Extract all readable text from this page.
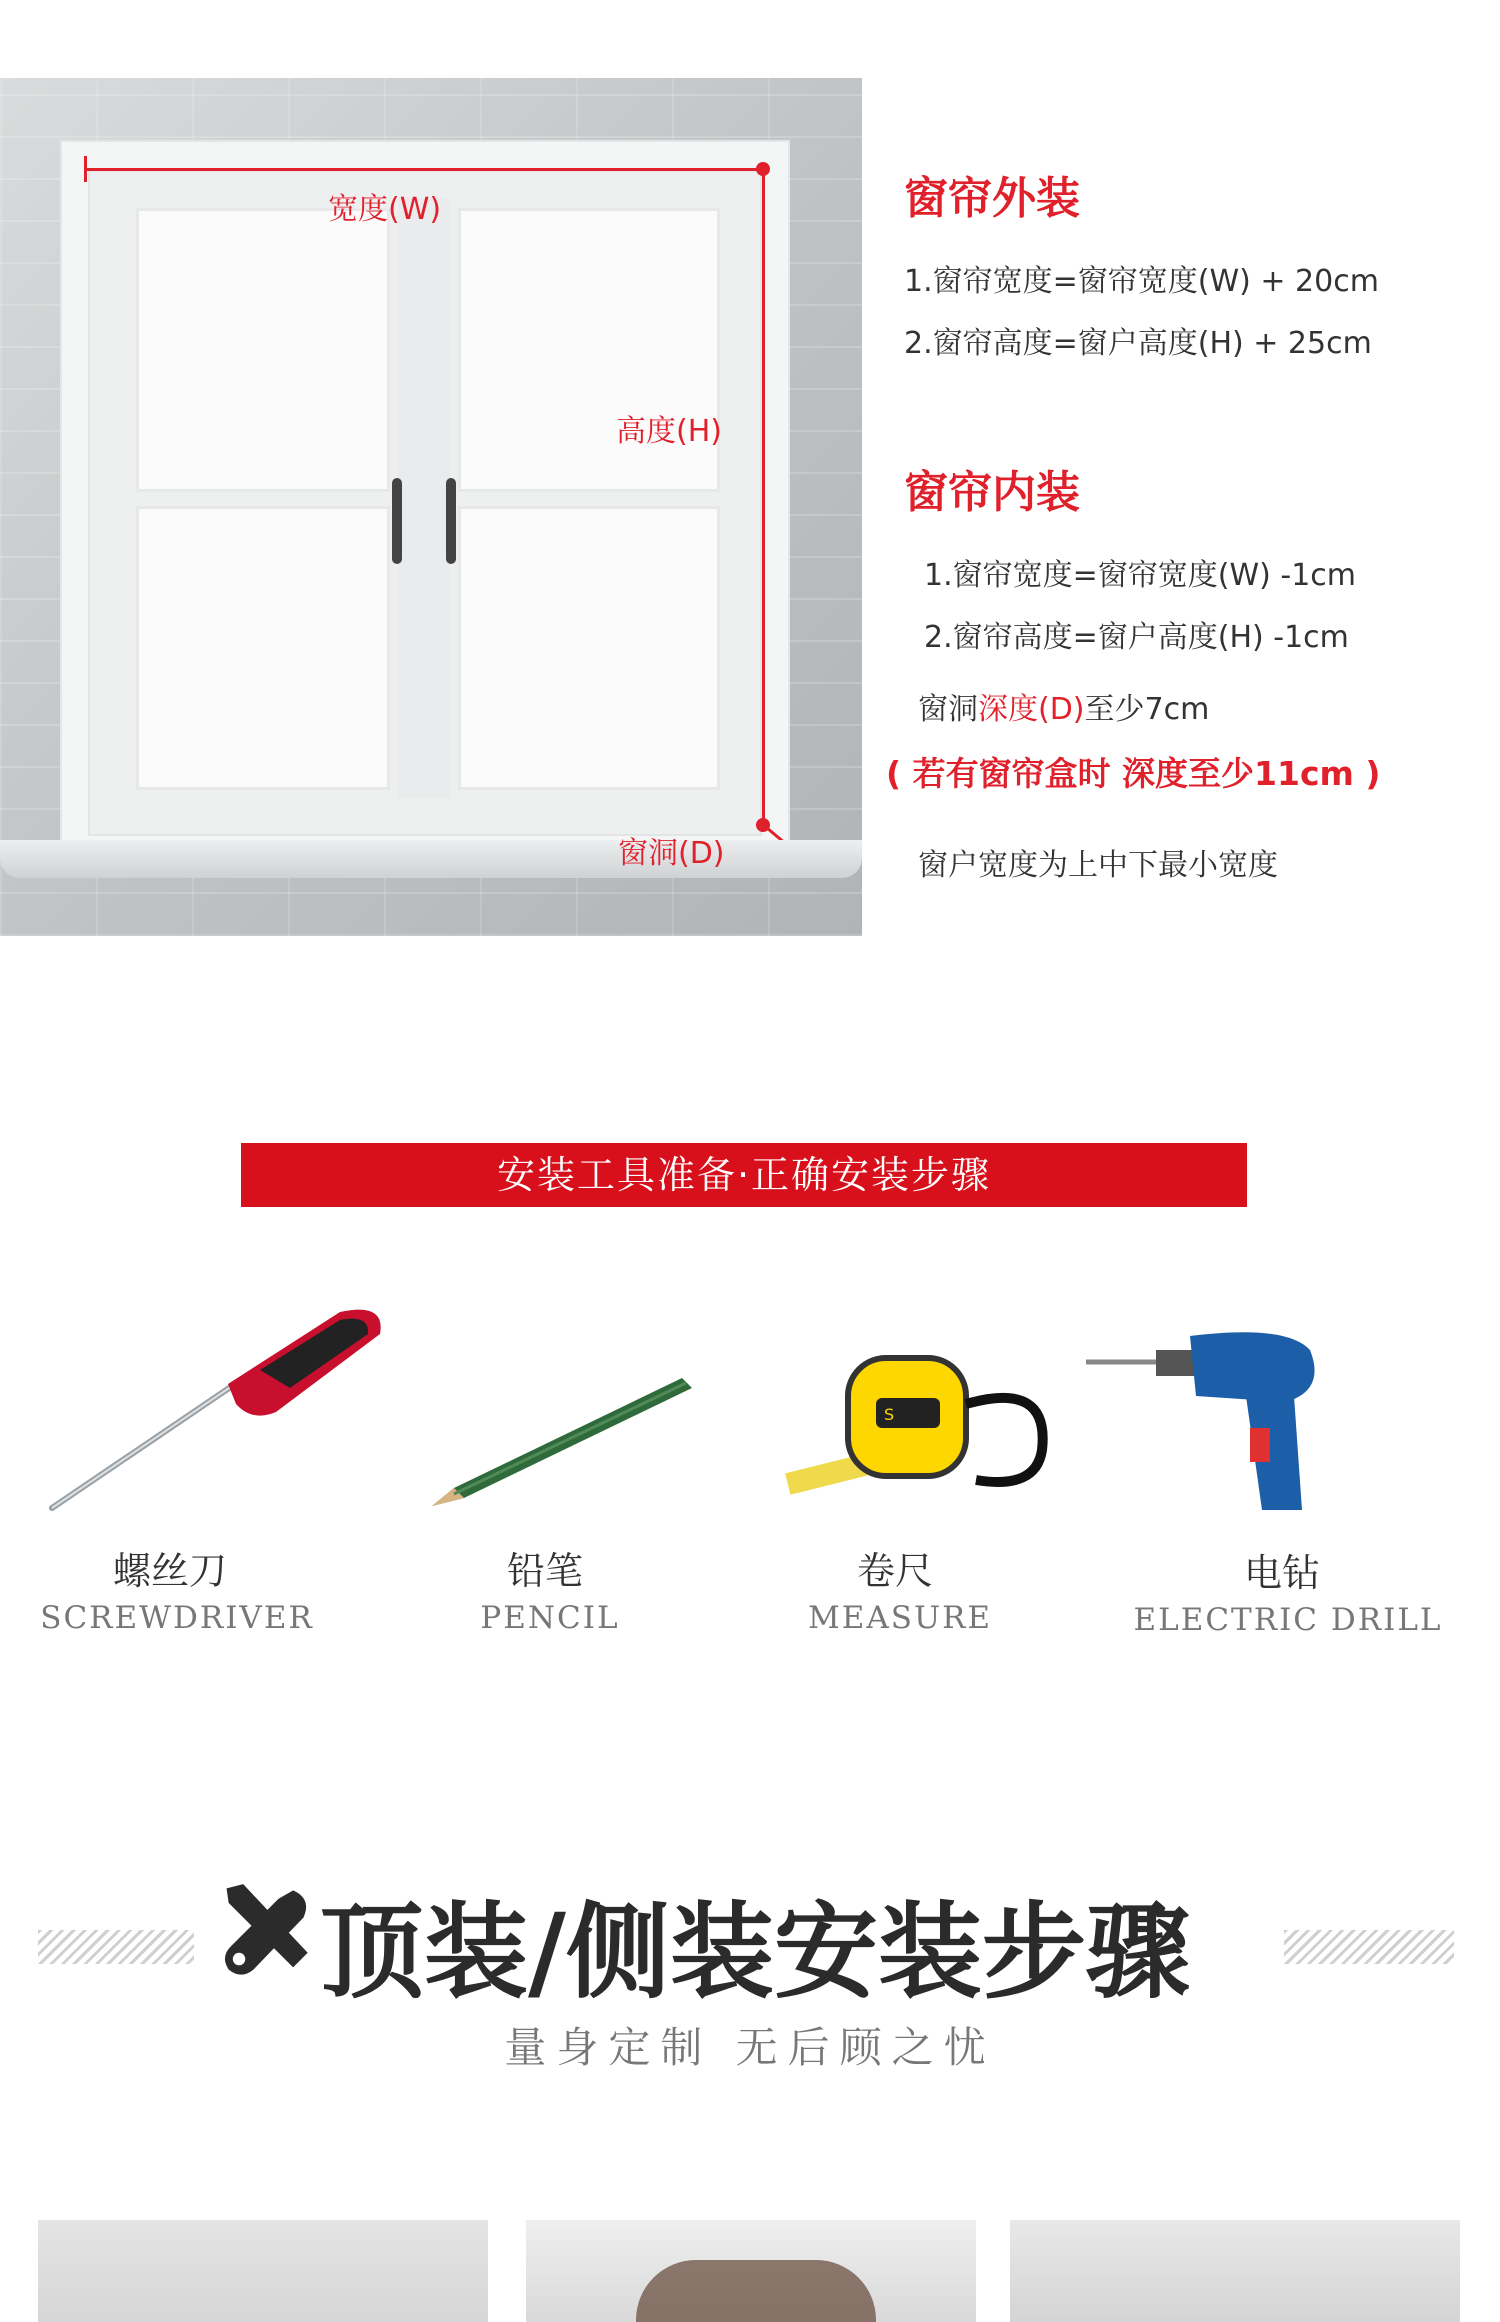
宽度(W)
高度(H)
窗洞(D)
窗帘外装
1.窗帘宽度=窗帘宽度(W) + 20cm
2.窗帘高度=窗户高度(H) + 25cm
窗帘内装
1.窗帘宽度=窗帘宽度(W) -1cm
2.窗帘高度=窗户高度(H) -1cm
窗洞深度(D)至少7cm
( 若有窗帘盒时 深度至少11cm )
窗户宽度为上中下最小宽度
安装工具准备·正确安装步骤
S
螺丝刀
SCREWDRIVER
铅笔
PENCIL
卷尺
MEASURE
电钻
ELECTRIC DRILL
顶装/侧装安装步骤
量身定制 无后顾之忧
